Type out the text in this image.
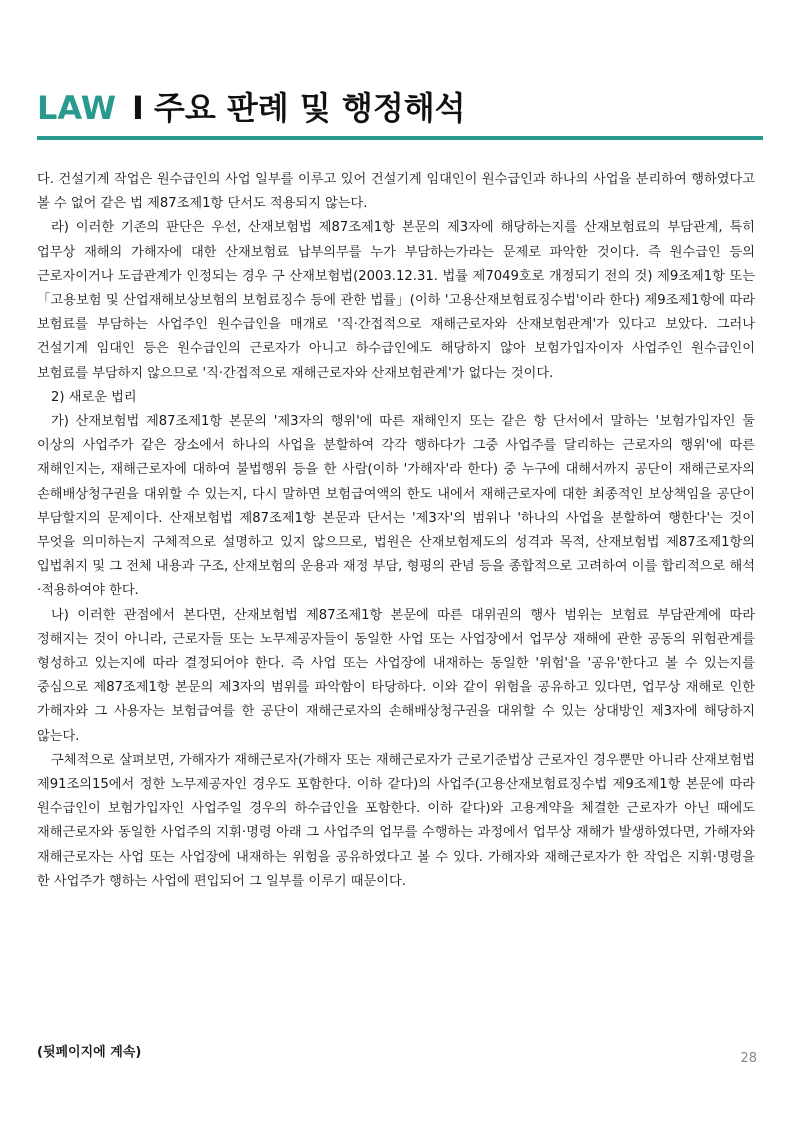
LAW I 주요 판례 및 행정해석

다. 건설기계 작업은 원수급인의 사업 일부를 이루고 있어 건설기계 임대인이 원수급인과 하나의 사업을 분리하여 행하였다고 볼 수 없어 같은 법 제87조제1항 단서도 적용되지 않는다.

라) 이러한 기존의 판단은 우선, 산재보험법 제87조제1항 본문의 제3자에 해당하는지를 산재보험료의 부담관계, 특히 업무상 재해의 가해자에 대한 산재보험료 납부의무를 누가 부담하는가라는 문제로 파악한 것이다. 즉 원수급인 등의 근로자이거나 도급관계가 인정되는 경우 구 산재보험법(2003.12.31. 법률 제7049호로 개정되기 전의 것) 제9조제1항 또는 「고용보험 및 산업재해보상보험의 보험료징수 등에 관한 법률」(이하 '고용산재보험료징수법'이라 한다) 제9조제1항에 따라 보험료를 부담하는 사업주인 원수급인을 매개로 '직·간접적으로 재해근로자와 산재보험관계'가 있다고 보았다. 그러나 건설기계 임대인 등은 원수급인의 근로자가 아니고 하수급인에도 해당하지 않아 보험가입자이자 사업주인 원수급인이 보험료를 부담하지 않으므로 '직·간접적으로 재해근로자와 산재보험관계'가 없다는 것이다.

2) 새로운 법리

가) 산재보험법 제87조제1항 본문의 '제3자의 행위'에 따른 재해인지 또는 같은 항 단서에서 말하는 '보험가입자인 둘 이상의 사업주가 같은 장소에서 하나의 사업을 분할하여 각각 행하다가 그중 사업주를 달리하는 근로자의 행위'에 따른 재해인지는, 재해근로자에 대하여 불법행위 등을 한 사람(이하 '가해자'라 한다) 중 누구에 대해서까지 공단이 재해근로자의 손해배상청구권을 대위할 수 있는지, 다시 말하면 보험급여액의 한도 내에서 재해근로자에 대한 최종적인 보상책임을 공단이 부담할지의 문제이다. 산재보험법 제87조제1항 본문과 단서는 '제3자'의 범위나 '하나의 사업을 분할하여 행한다'는 것이 무엇을 의미하는지 구체적으로 설명하고 있지 않으므로, 법원은 산재보험제도의 성격과 목적, 산재보험법 제87조제1항의 입법취지 및 그 전체 내용과 구조, 산재보험의 운용과 재정 부담, 형평의 관념 등을 종합적으로 고려하여 이를 합리적으로 해석·적용하여야 한다.

나) 이러한 관점에서 본다면, 산재보험법 제87조제1항 본문에 따른 대위권의 행사 범위는 보험료 부담관계에 따라 정해지는 것이 아니라, 근로자들 또는 노무제공자들이 동일한 사업 또는 사업장에서 업무상 재해에 관한 공동의 위험관계를 형성하고 있는지에 따라 결정되어야 한다. 즉 사업 또는 사업장에 내재하는 동일한 '위험'을 '공유'한다고 볼 수 있는지를 중심으로 제87조제1항 본문의 제3자의 범위를 파악함이 타당하다. 이와 같이 위험을 공유하고 있다면, 업무상 재해로 인한 가해자와 그 사용자는 보험급여를 한 공단이 재해근로자의 손해배상청구권을 대위할 수 있는 상대방인 제3자에 해당하지 않는다.

구체적으로 살펴보면, 가해자가 재해근로자(가해자 또는 재해근로자가 근로기준법상 근로자인 경우뿐만 아니라 산재보험법 제91조의15에서 정한 노무제공자인 경우도 포함한다. 이하 같다)의 사업주(고용산재보험료징수법 제9조제1항 본문에 따라 원수급인이 보험가입자인 사업주일 경우의 하수급인을 포함한다. 이하 같다)와 고용계약을 체결한 근로자가 아닌 때에도 재해근로자와 동일한 사업주의 지휘·명령 아래 그 사업주의 업무를 수행하는 과정에서 업무상 재해가 발생하였다면, 가해자와 재해근로자는 사업 또는 사업장에 내재하는 위험을 공유하였다고 볼 수 있다. 가해자와 재해근로자가 한 작업은 지휘·명령을 한 사업주가 행하는 사업에 편입되어 그 일부를 이루기 때문이다.

(뒷페이지에 계속)	28
